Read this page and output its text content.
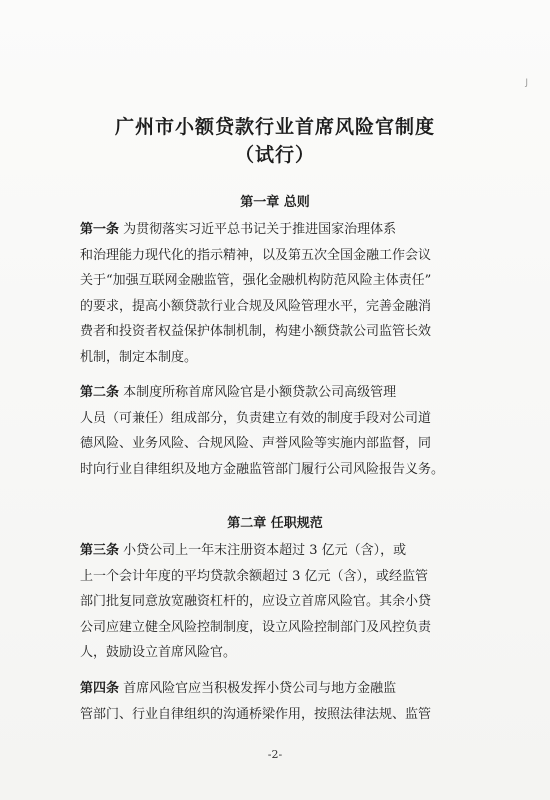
J
广州市小额贷款行业首席风险官制度
（试行）
第一章 总则
第一条 为贯彻落实习近平总书记关于推进国家治理体系
和治理能力现代化的指示精神，以及第五次全国金融工作会议
关于“加强互联网金融监管，强化金融机构防范风险主体责任”
的要求，提高小额贷款行业合规及风险管理水平，完善金融消
费者和投资者权益保护体制机制，构建小额贷款公司监管长效
机制，制定本制度。
第二条 本制度所称首席风险官是小额贷款公司高级管理
人员（可兼任）组成部分，负责建立有效的制度手段对公司道
德风险、业务风险、合规风险、声誉风险等实施内部监督，同
时向行业自律组织及地方金融监管部门履行公司风险报告义务。
第二章 任职规范
第三条 小贷公司上一年末注册资本超过 3 亿元（含），或
上一个会计年度的平均贷款余额超过 3 亿元（含），或经监管
部门批复同意放宽融资杠杆的，应设立首席风险官。其余小贷
公司应建立健全风险控制制度，设立风险控制部门及风控负责
人，鼓励设立首席风险官。
第四条 首席风险官应当积极发挥小贷公司与地方金融监
管部门、行业自律组织的沟通桥梁作用，按照法律法规、监管
-2-
